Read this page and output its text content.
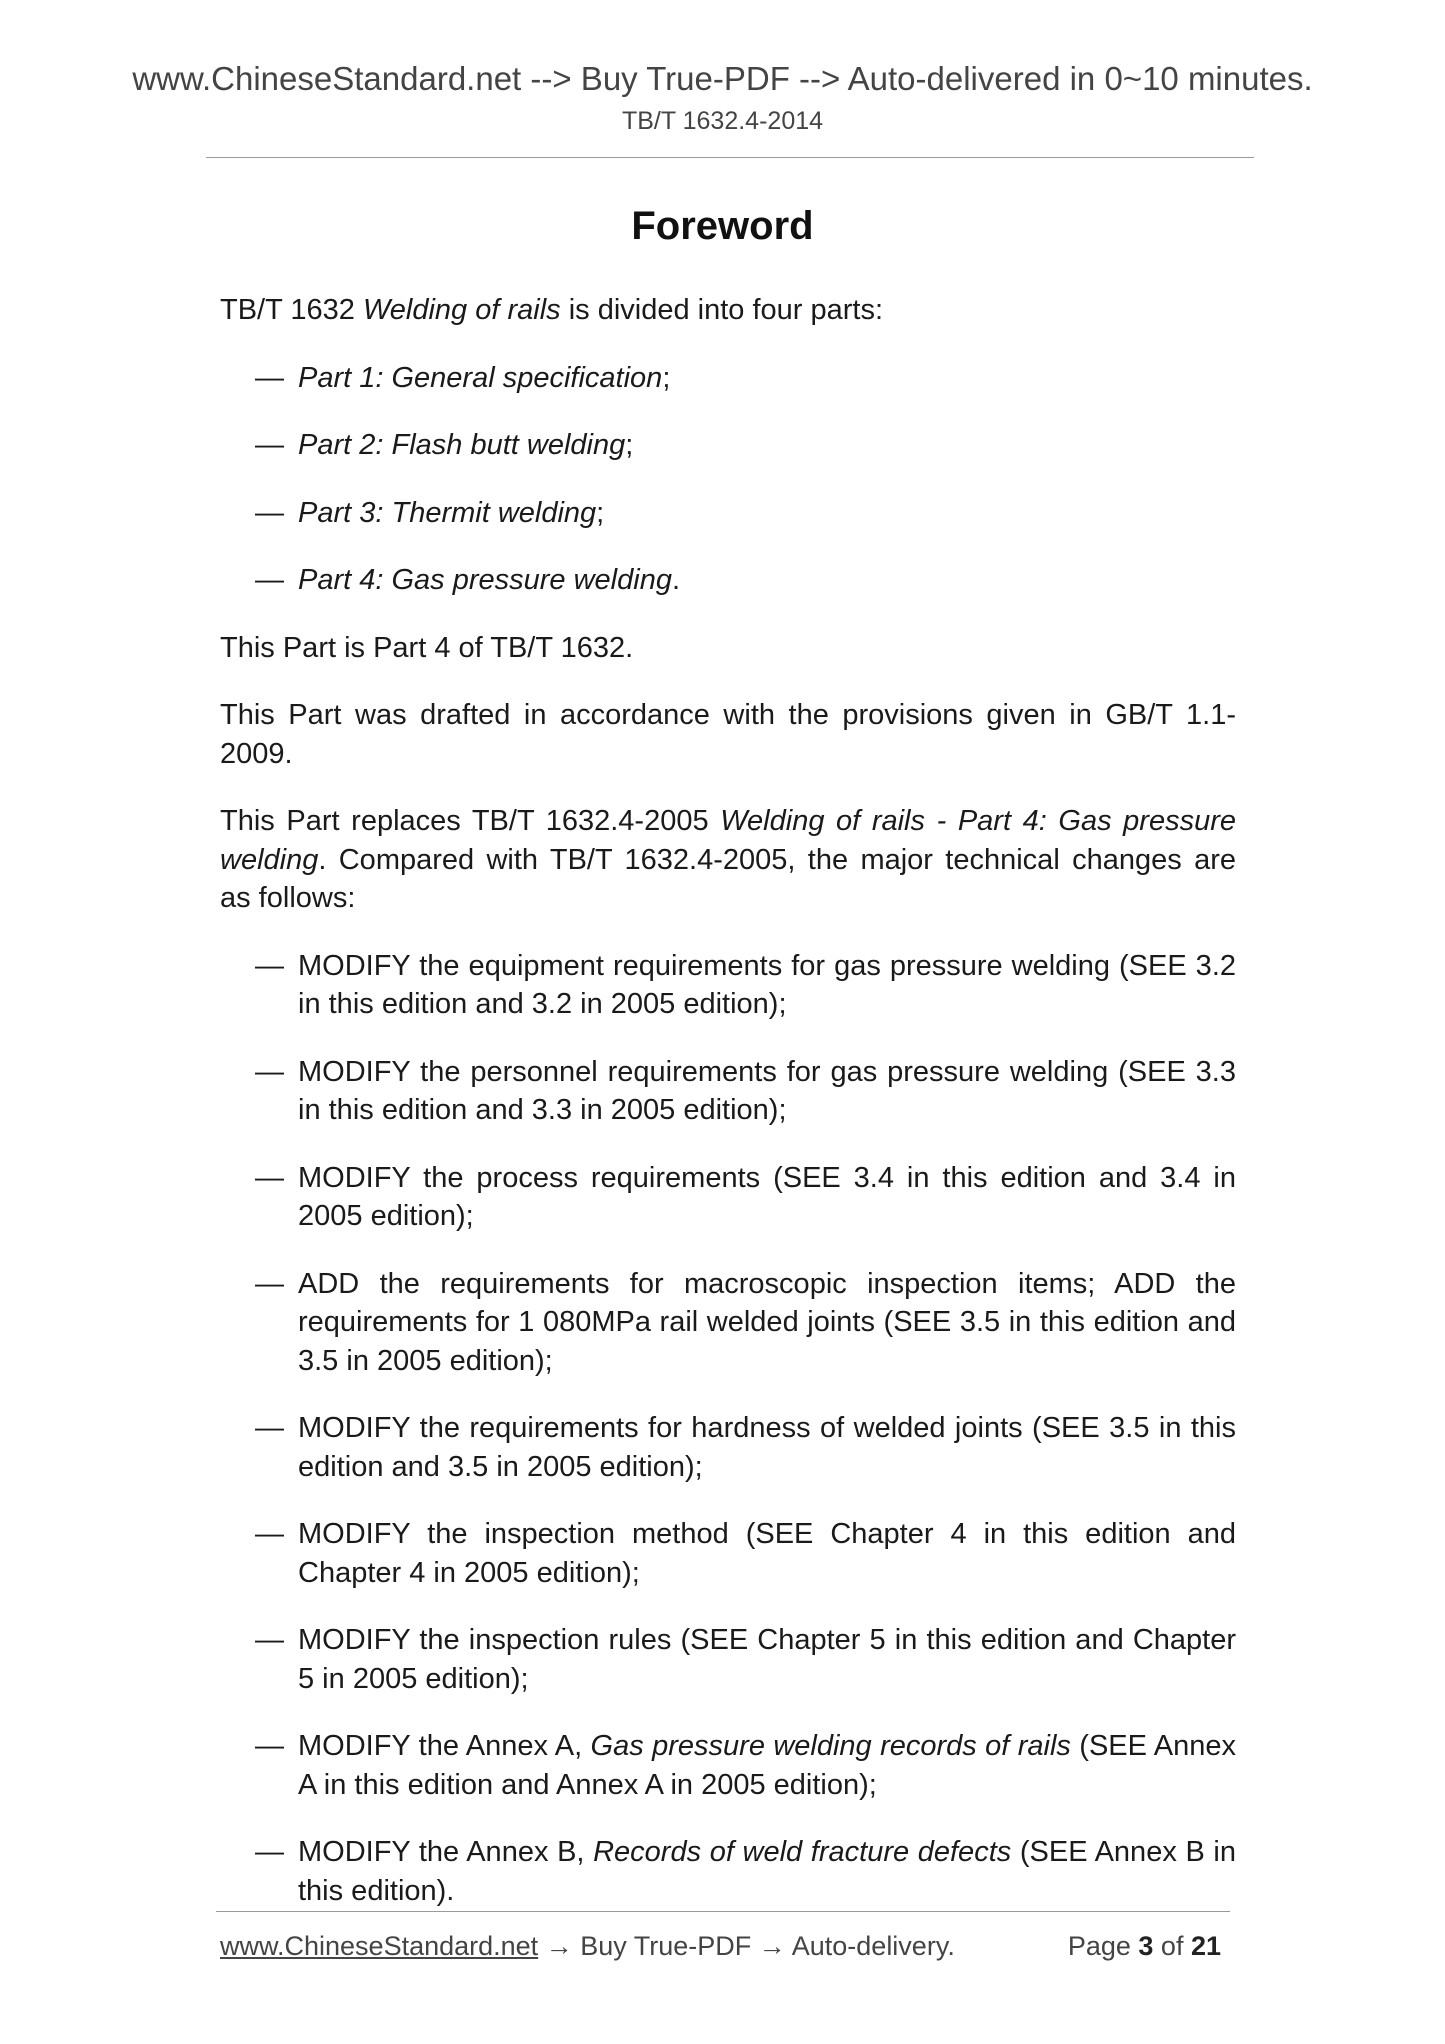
www.ChineseStandard.net --> Buy True-PDF --> Auto-delivered in 0~10 minutes.
TB/T 1632.4-2014
Foreword

TB/T 1632 Welding of rails is divided into four parts:

— Part 1: General specification;
— Part 2: Flash butt welding;
— Part 3: Thermit welding;
— Part 4: Gas pressure welding.

This Part is Part 4 of TB/T 1632.

This Part was drafted in accordance with the provisions given in GB/T 1.1-2009.

This Part replaces TB/T 1632.4-2005 Welding of rails - Part 4: Gas pressure welding. Compared with TB/T 1632.4-2005, the major technical changes are as follows:

— MODIFY the equipment requirements for gas pressure welding (SEE 3.2 in this edition and 3.2 in 2005 edition);
— MODIFY the personnel requirements for gas pressure welding (SEE 3.3 in this edition and 3.3 in 2005 edition);
— MODIFY the process requirements (SEE 3.4 in this edition and 3.4 in 2005 edition);
— ADD the requirements for macroscopic inspection items; ADD the requirements for 1 080MPa rail welded joints (SEE 3.5 in this edition and 3.5 in 2005 edition);
— MODIFY the requirements for hardness of welded joints (SEE 3.5 in this edition and 3.5 in 2005 edition);
— MODIFY the inspection method (SEE Chapter 4 in this edition and Chapter 4 in 2005 edition);
— MODIFY the inspection rules (SEE Chapter 5 in this edition and Chapter 5 in 2005 edition);
— MODIFY the Annex A, Gas pressure welding records of rails (SEE Annex A in this edition and Annex A in 2005 edition);
— MODIFY the Annex B, Records of weld fracture defects (SEE Annex B in this edition).
www.ChineseStandard.net → Buy True-PDF → Auto-delivery.	Page 3 of 21
